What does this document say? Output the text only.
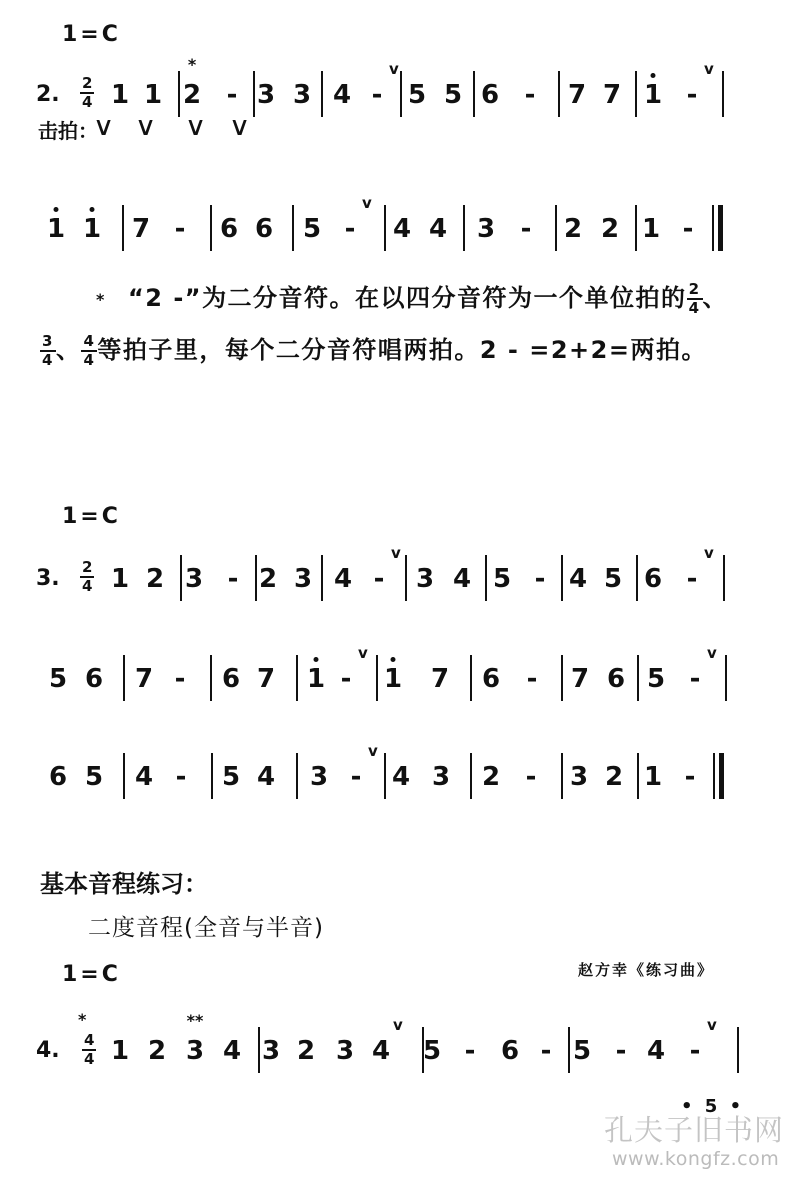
1=C
2. $\frac{2}{4} 1$ 1 2
*
- 3 3 4 -
v
5 5 6 - 7 7 1 -
v
击拍：
∨ ∨ ∨ ∨
1 1 7 - 6 6 5 -
v
4 4 3 - 2 2 1 -
* “2 -”为二分音符。在以四分音符为一个单位拍的 $\frac{2}{4}$ 、
$\frac{3}{4}$ 、 $\frac{4}{4}$ 等拍子里，每个二分音符唱两拍。2 - =2+2=两拍。
1=C
3. $\frac{2}{4} 1$ 2 3 - 2 3 4 -
v
3 4 5 - 4 5 6 -
v
5 6 7 - 6 7 1 -
v
1 7 6 - 7 6 5 -
v
6 5 4 - 5 4 3 -
v
4 3 2 - 3 2 1 -
基本音程练习：
二度音程(全音与半音)
1=C	赵方幸《练习曲》
*
4. $\frac{4}{4} 1$ 2 3
**
4 3 2 3 4
v
5 - 6 - 5 - 4 -
v
• 5 •
孔夫子旧书网
www.kongfz.com
